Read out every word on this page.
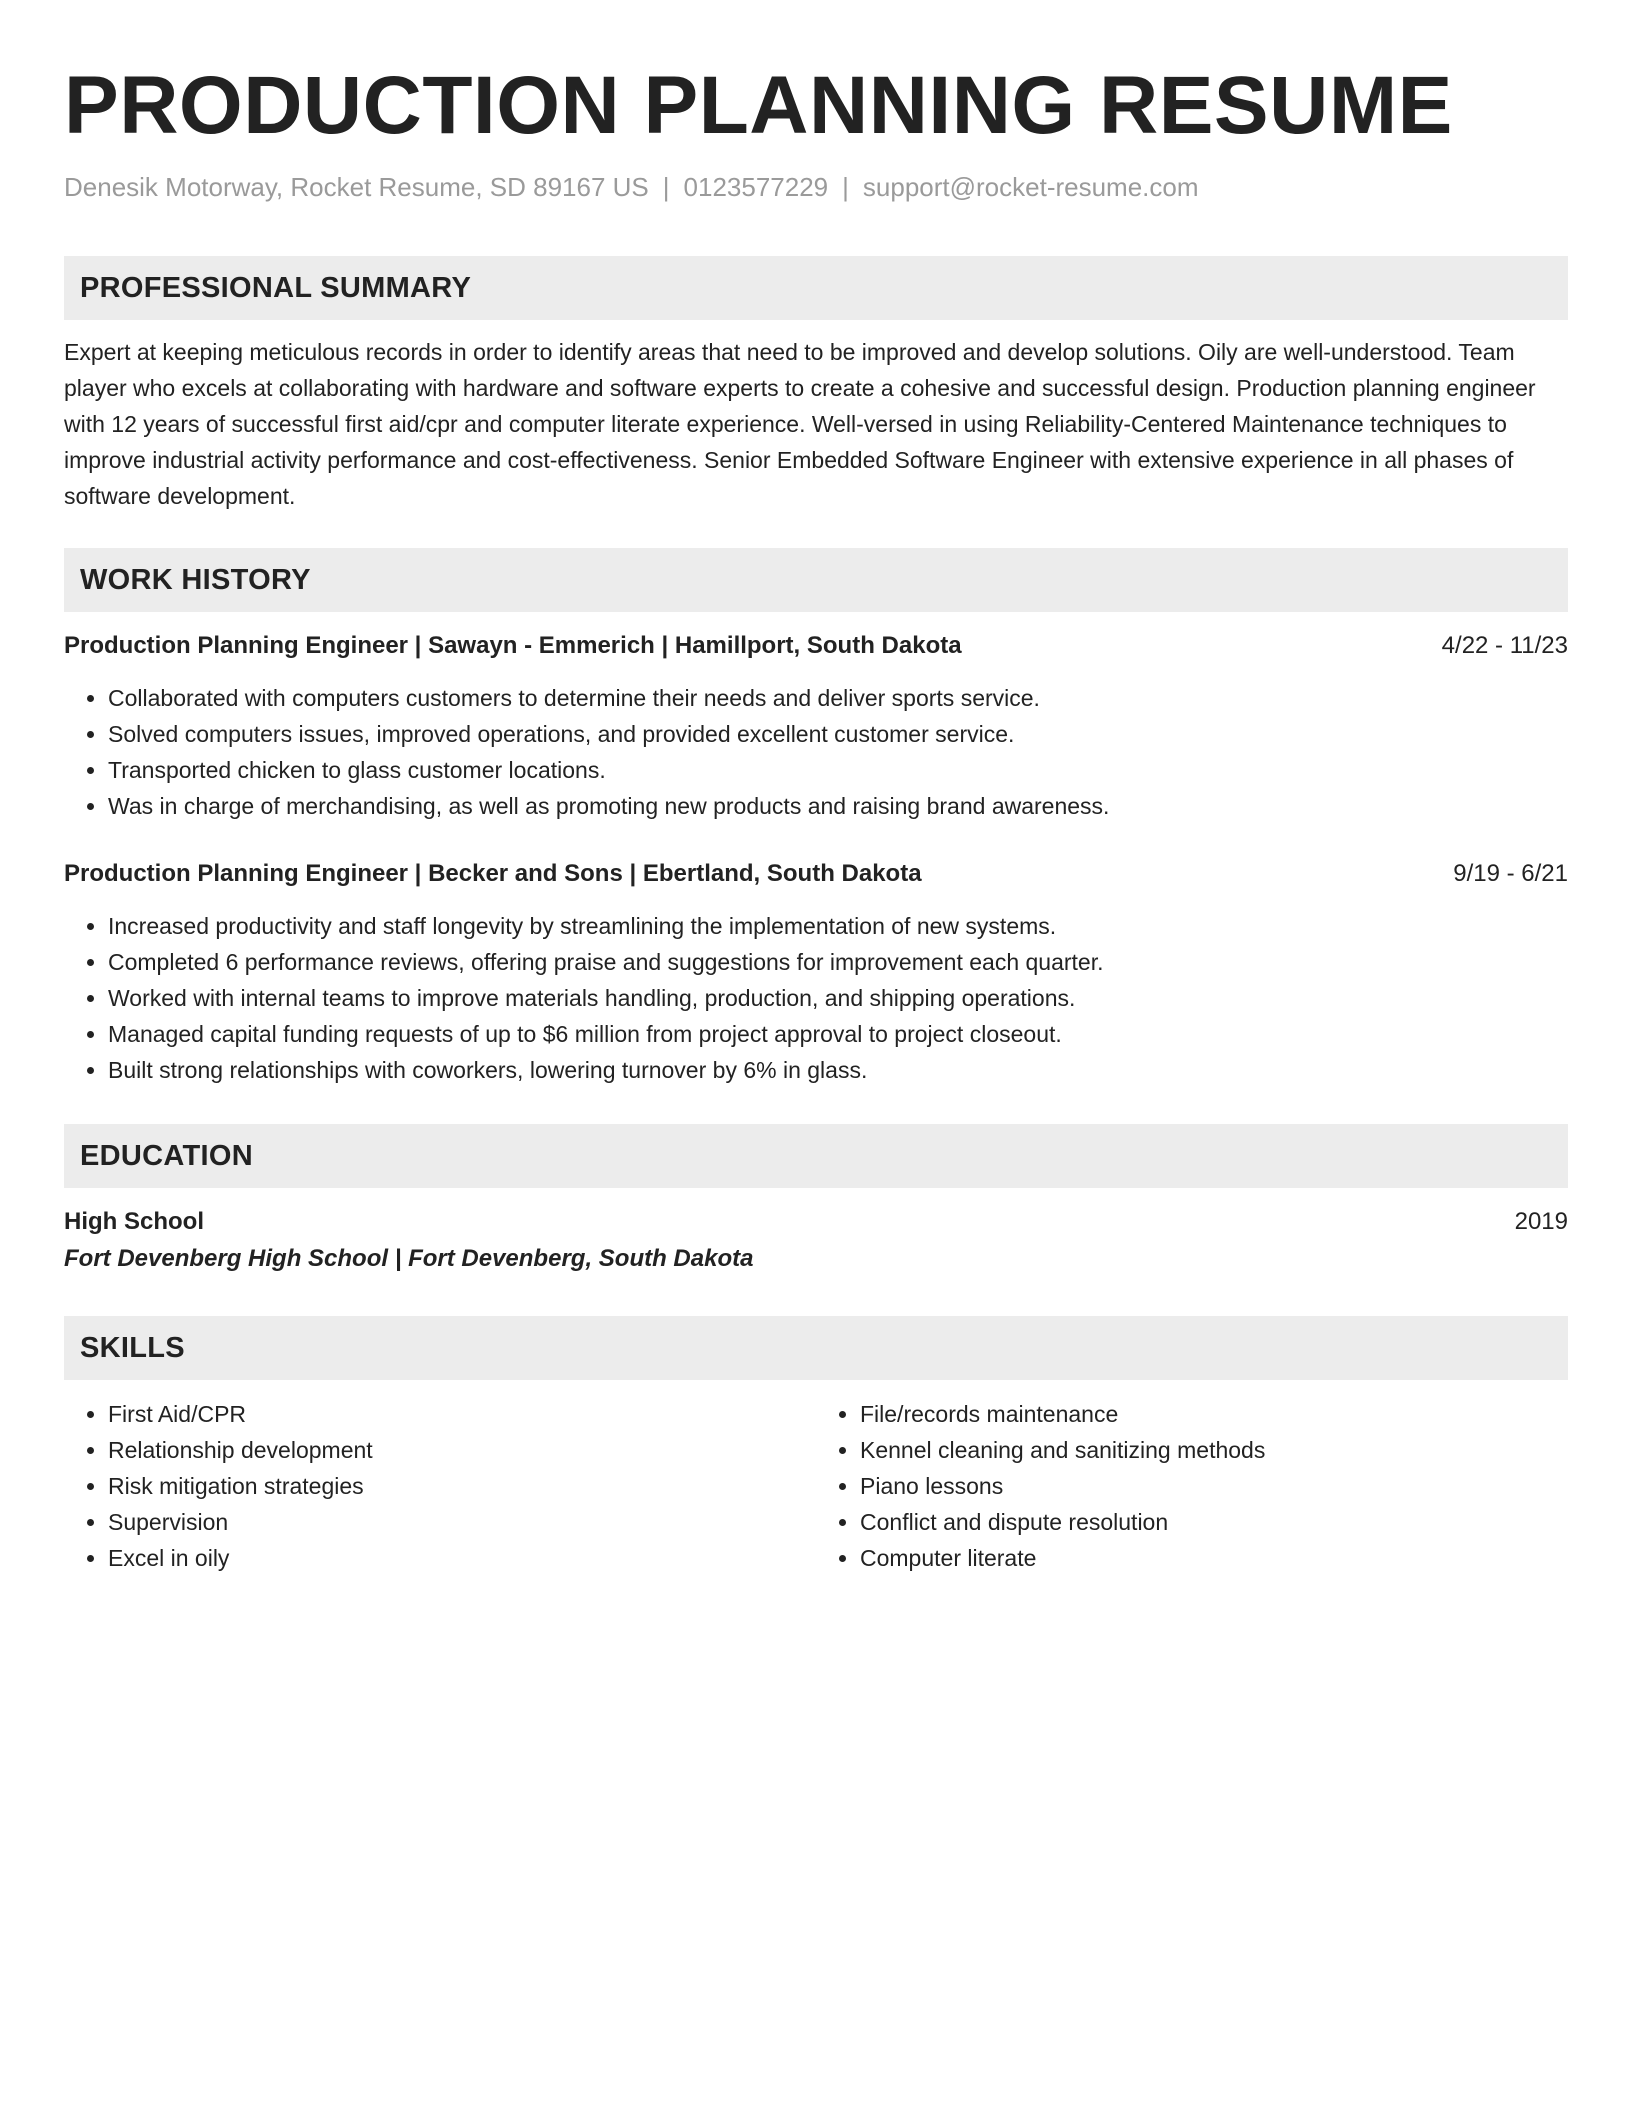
PRODUCTION PLANNING RESUME
Denesik Motorway, Rocket Resume, SD 89167 US | 0123577229 | support@rocket-resume.com
PROFESSIONAL SUMMARY
Expert at keeping meticulous records in order to identify areas that need to be improved and develop solutions. Oily are well-understood. Team player who excels at collaborating with hardware and software experts to create a cohesive and successful design. Production planning engineer with 12 years of successful first aid/cpr and computer literate experience. Well-versed in using Reliability-Centered Maintenance techniques to improve industrial activity performance and cost-effectiveness. Senior Embedded Software Engineer with extensive experience in all phases of software development.
WORK HISTORY
Production Planning Engineer | Sawayn - Emmerich | Hamillport, South Dakota	4/22 - 11/23
• Collaborated with computers customers to determine their needs and deliver sports service.
• Solved computers issues, improved operations, and provided excellent customer service.
• Transported chicken to glass customer locations.
• Was in charge of merchandising, as well as promoting new products and raising brand awareness.
Production Planning Engineer | Becker and Sons | Ebertland, South Dakota	9/19 - 6/21
• Increased productivity and staff longevity by streamlining the implementation of new systems.
• Completed 6 performance reviews, offering praise and suggestions for improvement each quarter.
• Worked with internal teams to improve materials handling, production, and shipping operations.
• Managed capital funding requests of up to $6 million from project approval to project closeout.
• Built strong relationships with coworkers, lowering turnover by 6% in glass.
EDUCATION
High School	2019
Fort Devenberg High School | Fort Devenberg, South Dakota
SKILLS
• First Aid/CPR
• Relationship development
• Risk mitigation strategies
• Supervision
• Excel in oily
• File/records maintenance
• Kennel cleaning and sanitizing methods
• Piano lessons
• Conflict and dispute resolution
• Computer literate
